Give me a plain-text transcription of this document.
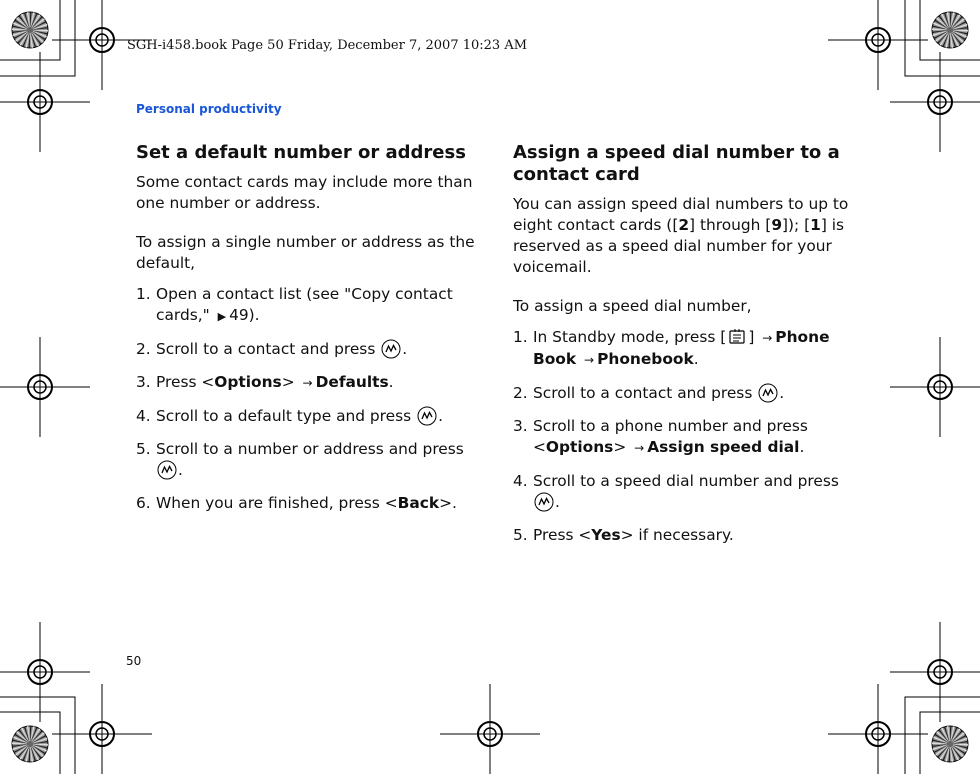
SGH-i458.book Page 50 Friday, December 7, 2007 10:23 AM
Personal productivity
50
Set a default number or address

Some contact cards may include more than one number or address.

To assign a single number or address as the default,

1. Open a contact list (see "Copy contact cards," ▶ 49).
2. Scroll to a contact and press .
3. Press <Options> → Defaults.
4. Scroll to a default type and press .
5. Scroll to a number or address and press .
6. When you are finished, press <Back>.
Assign a speed dial number to a contact card

You can assign speed dial numbers to up to eight contact cards ([2] through [9]); [1] is reserved as a speed dial number for your voicemail.

To assign a speed dial number,

1. In Standby mode, press [ ] → Phone Book → Phonebook.
2. Scroll to a contact and press .
3. Scroll to a phone number and press <Options> → Assign speed dial.
4. Scroll to a speed dial number and press .
5. Press <Yes> if necessary.
